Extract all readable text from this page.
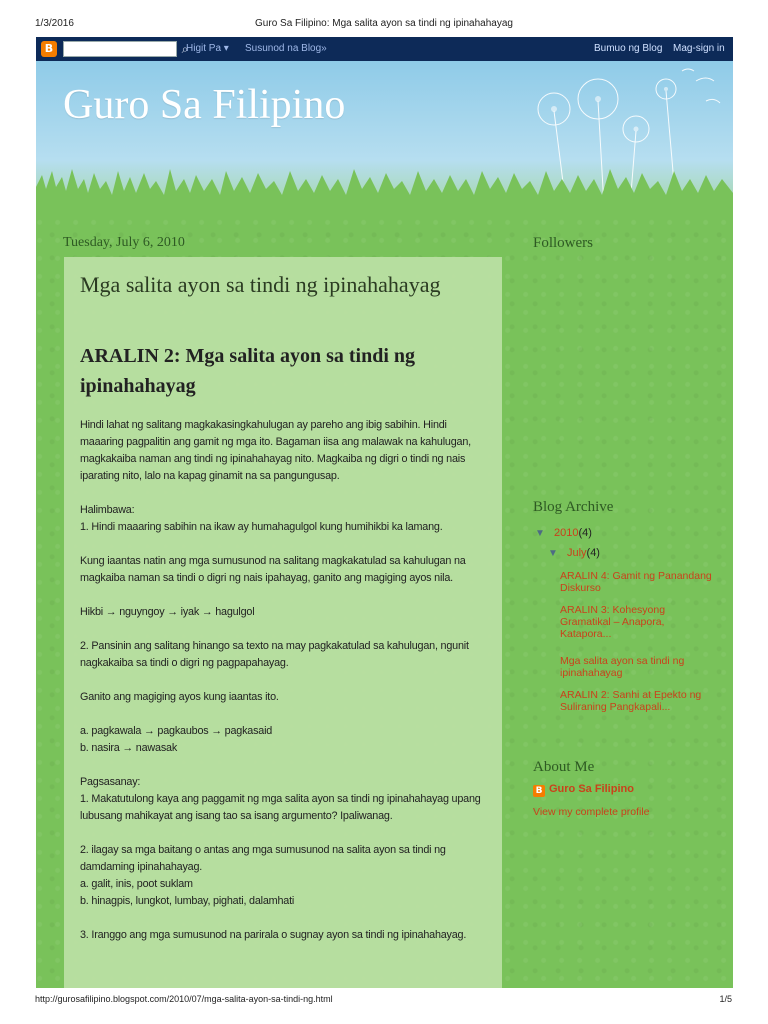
1/3/2016	Guro Sa Filipino: Mga salita ayon sa tindi ng ipinahahayag
B	⌕
Higit Pa ▾ Susunod na Blog»	Bumuo ng Blog Mag-sign in
Guro Sa Filipino
Tuesday, July 6, 2010
Mga salita ayon sa tindi ng ipinahahayag
ARALIN 2: Mga salita ayon sa tindi ng ipinahahayag

Hindi lahat ng salitang magkakasingkahulugan ay pareho ang ibig sabihin. Hindi maaaring pagpalitin ang gamit ng mga ito. Bagaman iisa ang malawak na kahulugan, magkakaiba naman ang tindi ng ipinahahayag nito. Magkaiba ng digri o tindi ng nais iparating nito, lalo na kapag ginamit na sa pangungusap.

Halimbawa:

1. Hindi maaaring sabihin na ikaw ay humahagulgol kung humihikbi ka lamang.

Kung iaantas natin ang mga sumusunod na salitang magkakatulad sa kahulugan na magkaiba naman sa tindi o digri ng nais ipahayag, ganito ang magiging ayos nila.

Hikbi → nguyngoy → iyak → hagulgol

2. Pansinin ang salitang hinango sa texto na may pagkakatulad sa kahulugan, ngunit nagkakaiba sa tindi o digri ng pagpapahayag.

Ganito ang magiging ayos kung iaantas ito.

a. pagkawala → pagkaubos → pagkasaid

b. nasira → nawasak

Pagsasanay:

1. Makatutulong kaya ang paggamit ng mga salita ayon sa tindi ng ipinahahayag upang lubusang mahikayat ang isang tao sa isang argumento? Ipaliwanag.

2. ilagay sa mga baitang o antas ang mga sumusunod na salita ayon sa tindi ng damdaming ipinahahayag.
a. galit, inis, poot suklam

b. hinagpis, lungkot, lumbay, pighati, dalamhati

3. Iranggo ang mga sumusunod na parirala o sugnay ayon sa tindi ng ipinahahayag.

Followers
Blog Archive
▼ 2010(4)
▼ July(4)
ARALIN 4: Gamit ng Panandang Diskurso
ARALIN 3: Kohesyong Gramatikal – Anapora, Katapora...
Mga salita ayon sa tindi ng ipinahahayag
ARALIN 2: Sanhi at Epekto ng Suliraning Pangkapali...
About Me
B Guro Sa Filipino
View my complete profile
http://gurosafilipino.blogspot.com/2010/07/mga-salita-ayon-sa-tindi-ng.html	1/5
